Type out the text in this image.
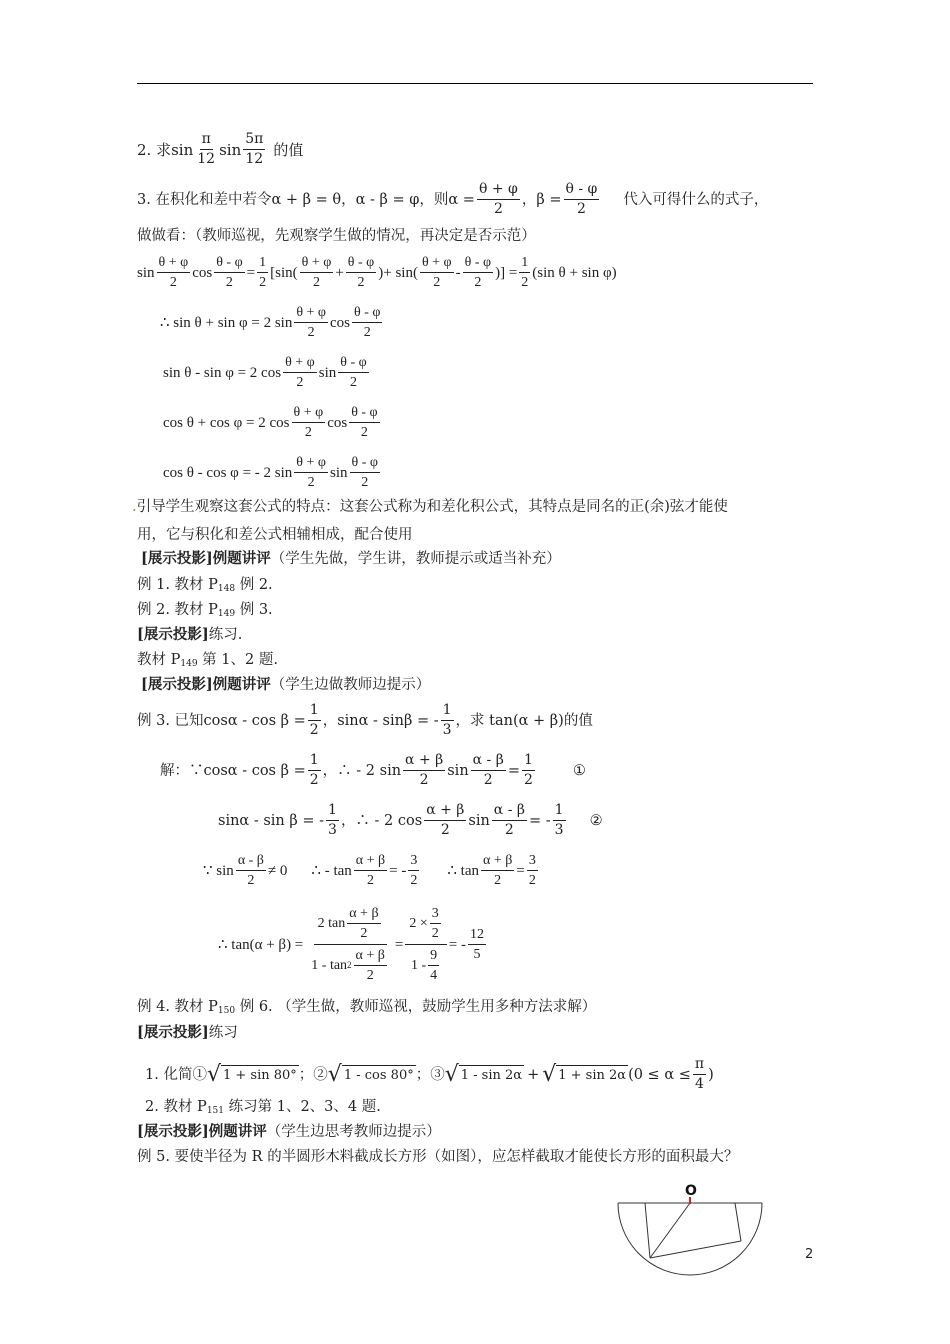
2. 求 $\sin \frac{\pi}{12}$ $\sin \frac{5\pi}{12}$ 的值
3. 在积化和差中若令α + β = θ，α - β = φ，则 $\alpha = \frac{\theta + \varphi}{2}$ ， $\beta = \frac{\theta - \varphi}{2}$ 代入可得什么的式子，
做做看：（教师巡视，先观察学生做的情况，再决定是否示范）
$\sin \frac{\theta + \varphi}{2}$ $\cos \frac{\theta - \varphi}{2} = \frac{1}{2} [\sin( \frac{\theta + \varphi}{2} + \frac{\theta - \varphi}{2}$ )+ $\sin( \frac{\theta + \varphi}{2} - \frac{\theta - \varphi}{2}$ )] = $\frac{1}{2} (\sin$ θ + sin φ)
∴ sin θ + sin φ = 2 $\sin \frac{\theta + \varphi}{2}$ $\cos \frac{\theta - \varphi}{2}$
sin θ - sin φ = 2 $\cos \frac{\theta + \varphi}{2}$ $\sin \frac{\theta - \varphi}{2}$
cos θ + cos φ = 2 $\cos \frac{\theta + \varphi}{2}$ $\cos \frac{\theta - \varphi}{2}$
cos θ - cos φ = - 2 $\sin \frac{\theta + \varphi}{2}$ $\sin \frac{\theta - \varphi}{2}$
.引导学生观察这套公式的特点：这套公式称为和差化积公式，其特点是同名的正(余)弦才能使
用，它与积化和差公式相辅相成，配合使用
[展示投影]例题讲评（学生先做，学生讲，教师提示或适当补充）
例 1. 教材 $P_{148}$ 例 2.
例 2. 教材 $P_{149}$ 例 3.
[展示投影]练习.
教材 $P_{149}$ 第 1、2 题.
[展示投影]例题讲评（学生边做教师边提示）
例 3. 已知$\cos\alpha - \cos \beta = \frac{1}{2}$ ，sinα - sinβ = - $\frac{1}{3}$ ，求 tan(α + β)的值
解：∵cosα - $\cos \beta = \frac{1}{2}$ ，∴ - 2 $\sin \frac{\alpha + \beta}{2}$ $\sin \frac{\alpha - \beta}{2} = \frac{1}{2}$	①
sinα - sin β = - $\frac{1}{3}$ ，∴ - 2 $\cos \frac{\alpha + \beta}{2}$ $\sin \frac{\alpha - \beta}{2}$ = - $\frac{1}{3}$ ②
∵ $\sin \frac{\alpha - \beta}{2} \ne 0$ ∴ - $\tan \frac{\alpha + \beta}{2}$ = - $\frac{3}{2}$ ∴ $\tan \frac{\alpha + \beta}{2} = \frac{3}{2}$
∴ $\tan(\alpha + \beta) = \frac{2 \tan \frac{\alpha + \beta}{2}}{1 - \tan 2 \frac{\alpha + \beta}{2}} = \frac{2 \times \frac{3}{2}}{1 - \frac{9}{4}}$ = - $\frac{12}{5}$
例 4. 教材 $P_{150}$ 例 6. （学生做，教师巡视，鼓励学生用多种方法求解）
[展示投影]练习
1. 化简① √ 1 + sin 80° ；② √ 1 - cos 80° ；③ √ 1 - sin 2α + √ 1 + sin 2α ($0 \le \alpha \le \frac{\pi}{4}$ )
2. 教材 $P_{151}$ 练习第 1、2、3、4 题.
[展示投影]例题讲评（学生边思考教师边提示）
例 5. 要使半径为 R 的半圆形木料截成长方形（如图），应怎样截取才能使长方形的面积最大？
O
2
